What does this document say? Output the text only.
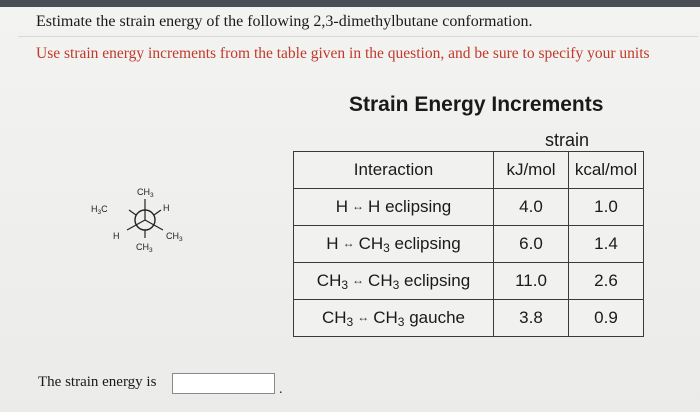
Estimate the strain energy of the following 2,3-dimethylbutane conformation.
Use strain energy increments from the table given in the question, and be sure to specify your units
Strain Energy Increments
strain
Interaction	kJ/mol	kcal/mol
H ↔ H eclipsing	4.0	1.0
H ↔ $CH_3$ eclipsing	6.0	1.4
$CH_3$ ↔ $CH_3$ eclipsing	11.0	2.6
$CH_3$ ↔ $CH_3$ gauche	3.8	0.9
$CH_3$
$H_3C$	H
H	$CH_3$
$CH_3$
The strain energy is	.
